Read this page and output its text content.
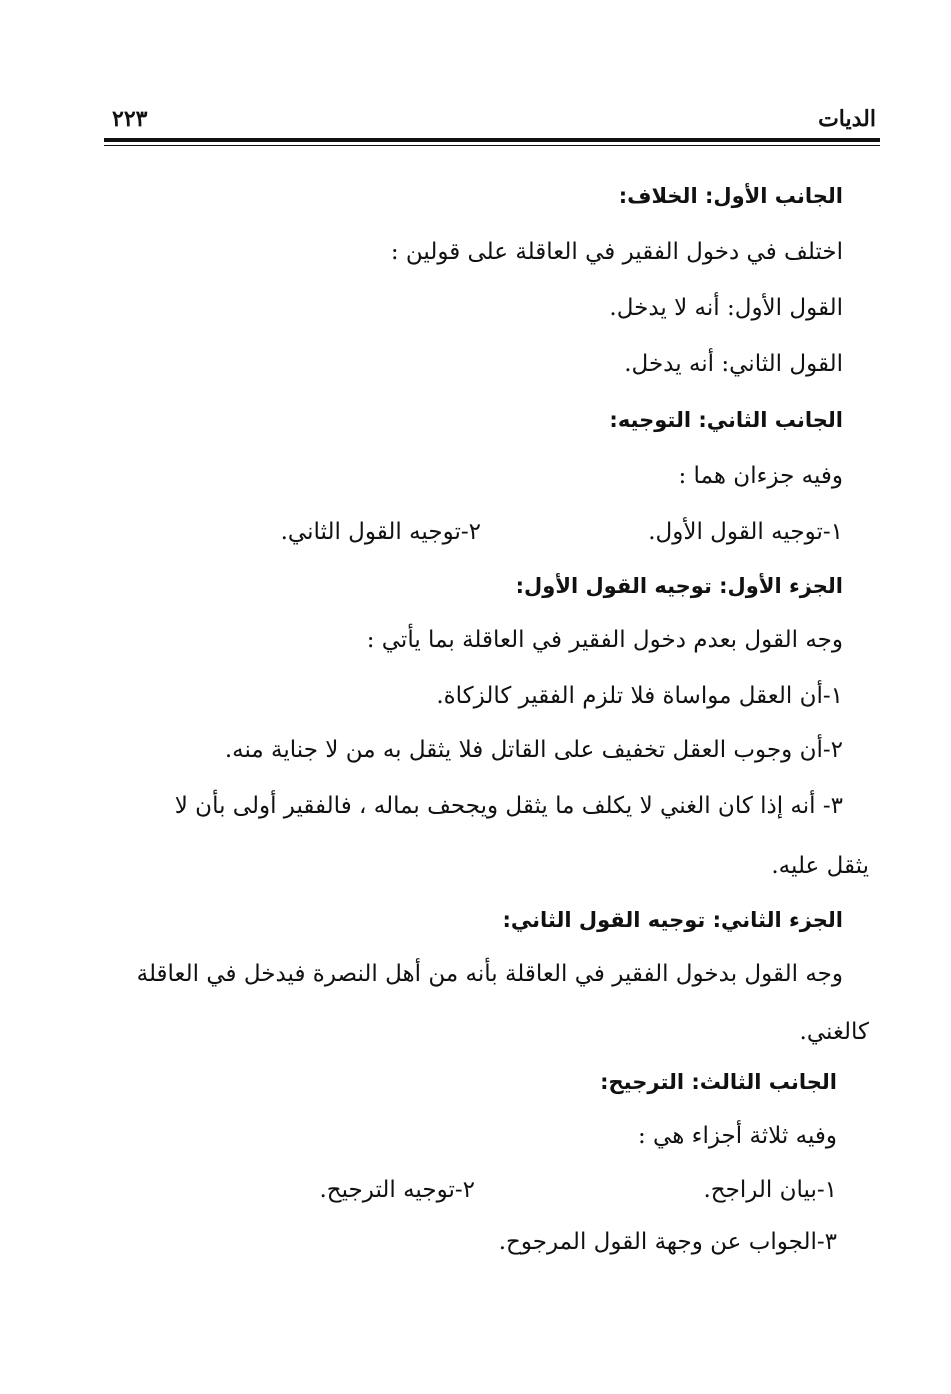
الديات
٢٢٣
الجانب الأول: الخلاف:
اختلف في دخول الفقير في العاقلة على قولين :
القول الأول: أنه لا يدخل.
القول الثاني: أنه يدخل.
الجانب الثاني: التوجيه:
وفيه جزءان هما :
١-توجيه القول الأول.
٢-توجيه القول الثاني.
الجزء الأول: توجيه القول الأول:
وجه القول بعدم دخول الفقير في العاقلة بما يأتي :
١-أن العقل مواساة فلا تلزم الفقير كالزكاة.
٢-أن وجوب العقل تخفيف على القاتل فلا يثقل به من لا جناية منه.
٣- أنه إذا كان الغني لا يكلف ما يثقل ويجحف بماله ، فالفقير أولى بأن لا
يثقل عليه.
الجزء الثاني: توجيه القول الثاني:
وجه القول بدخول الفقير في العاقلة بأنه من أهل النصرة فيدخل في العاقلة
كالغني.
الجانب الثالث: الترجيح:
وفيه ثلاثة أجزاء هي :
١-بيان الراجح.
٢-توجيه الترجيح.
٣-الجواب عن وجهة القول المرجوح.
